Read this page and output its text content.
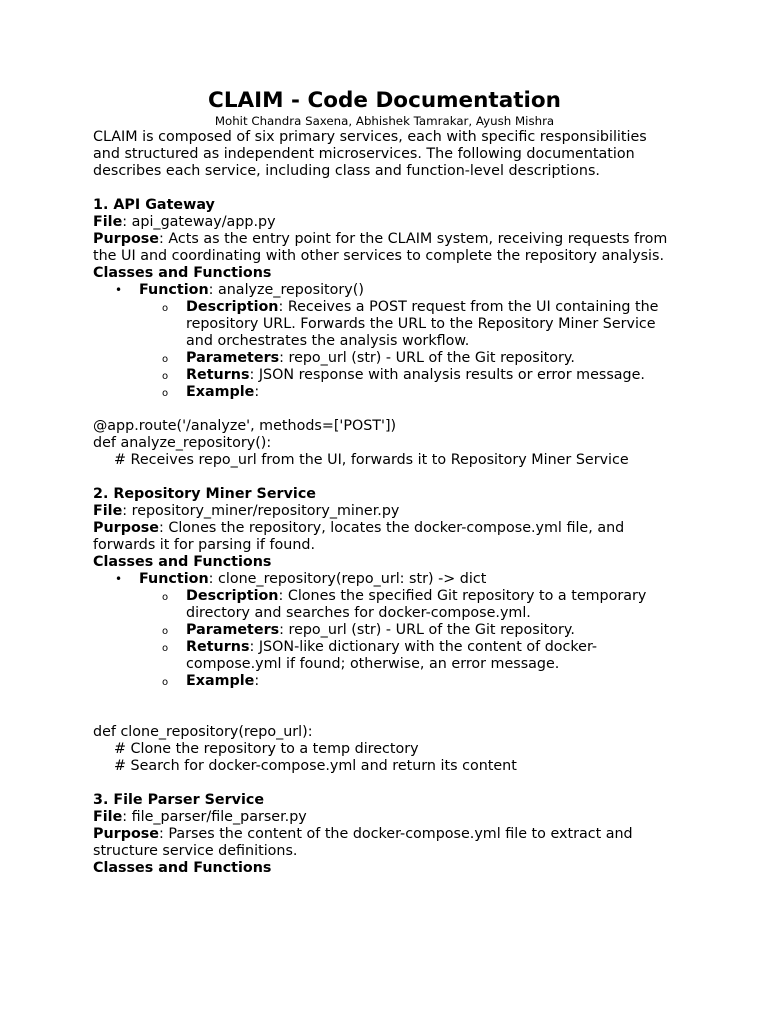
CLAIM - Code Documentation

Mohit Chandra Saxena, Abhishek Tamrakar, Ayush Mishra

CLAIM is composed of six primary services, each with specific responsibilities and structured as independent microservices. The following documentation describes each service, including class and function-level descriptions.

1. API Gateway

File: api_gateway/app.py

Purpose: Acts as the entry point for the CLAIM system, receiving requests from the UI and coordinating with other services to complete the repository analysis.

Classes and Functions

• Function: analyze_repository()
o Description: Receives a POST request from the UI containing the repository URL. Forwards the URL to the Repository Miner Service and orchestrates the analysis workflow.
o Parameters: repo_url (str) - URL of the Git repository.
o Returns: JSON response with analysis results or error message.
o Example:
@app.route('/analyze', methods=['POST'])
def analyze_repository():
# Receives repo_url from the UI, forwards it to Repository Miner Service

2. Repository Miner Service

File: repository_miner/repository_miner.py

Purpose: Clones the repository, locates the docker-compose.yml file, and forwards it for parsing if found.

Classes and Functions

• Function: clone_repository(repo_url: str) -> dict
o Description: Clones the specified Git repository to a temporary directory and searches for docker-compose.yml.
o Parameters: repo_url (str) - URL of the Git repository.
o Returns: JSON-like dictionary with the content of docker-compose.yml if found; otherwise, an error message.
o Example:
def clone_repository(repo_url):
# Clone the repository to a temp directory
# Search for docker-compose.yml and return its content

3. File Parser Service

File: file_parser/file_parser.py

Purpose: Parses the content of the docker-compose.yml file to extract and structure service definitions.

Classes and Functions
